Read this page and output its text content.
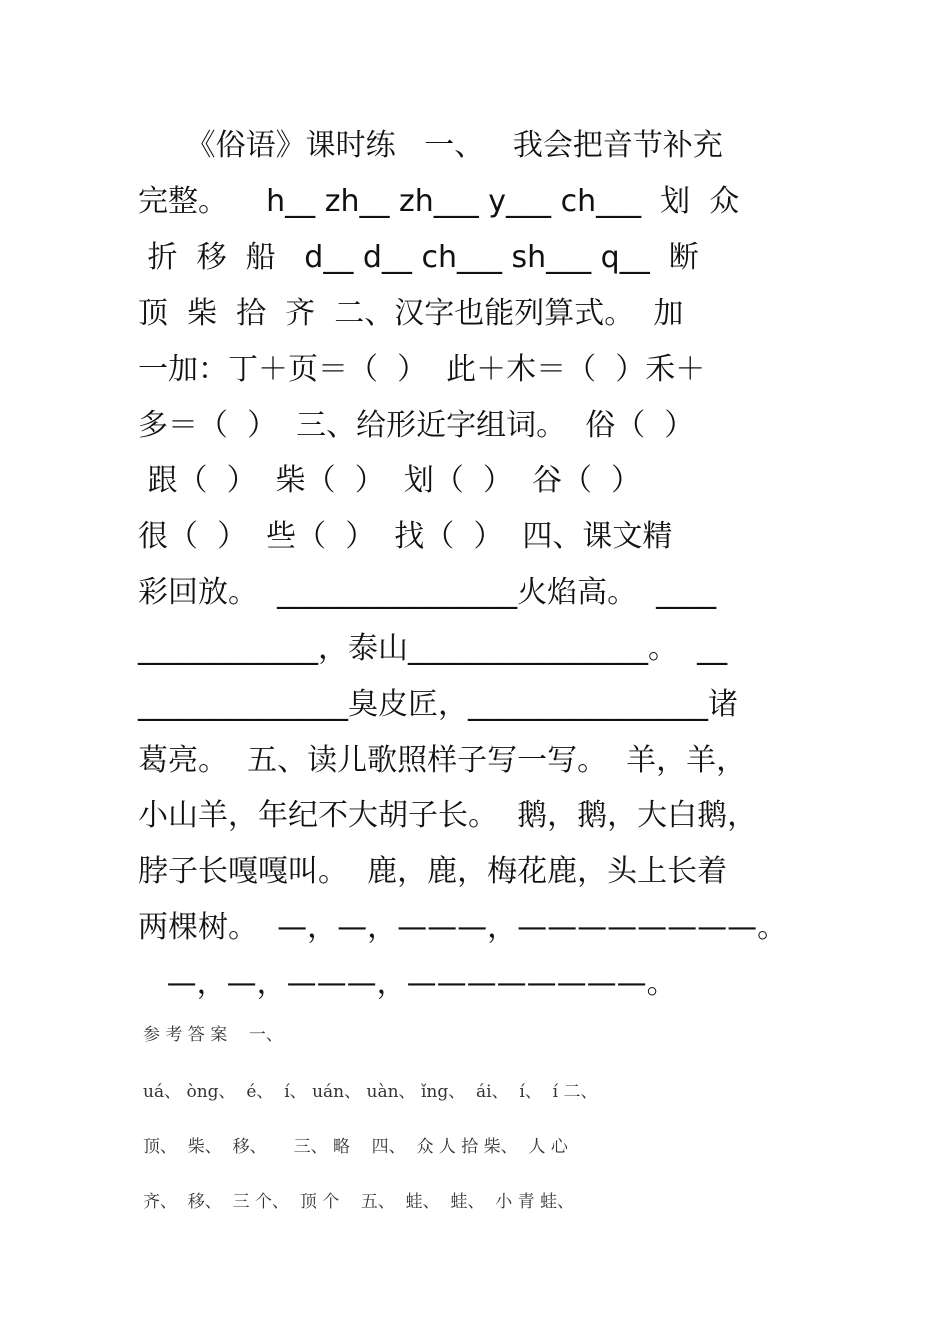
《俗语》课时练   一、   我会把音节补充
完整。    h__ zh__ zh___ y___ ch___  划  众
折  移  船   d__ d__ ch___ sh___ q__  断
顶  柴  拾  齐  二、汉字也能列算式。  加
一加：丁＋页＝（  ）  此＋木＝（  ）禾＋
多＝（  ）  三、给形近字组词。  俗（  ）
跟（  ）  柴（  ）  划（  ）  谷（  ）
很（  ）  些（  ）  找（  ）  四、课文精
彩回放。  ________________火焰高。  ____
____________，泰山________________。  __
______________臭皮匠，________________诸
葛亮。  五、读儿歌照样子写一写。  羊，羊，
小山羊，年纪不大胡子长。  鹅，鹅，大白鹅，
脖子长嘎嘎叫。  鹿，鹿，梅花鹿，头上长着
两棵树。  —，—，———，————————。
—，—，———，————————。
参 考 答 案    一、
uá、 òng、  é、  í、 uán、 uàn、 ǐng、  ái、  í、  í 二、
顶、  柴、  移、     三、 略    四、  众 人 拾 柴、  人 心
齐、  移、  三 个、  顶 个    五、  蛙、  蛙、  小 青 蛙、
